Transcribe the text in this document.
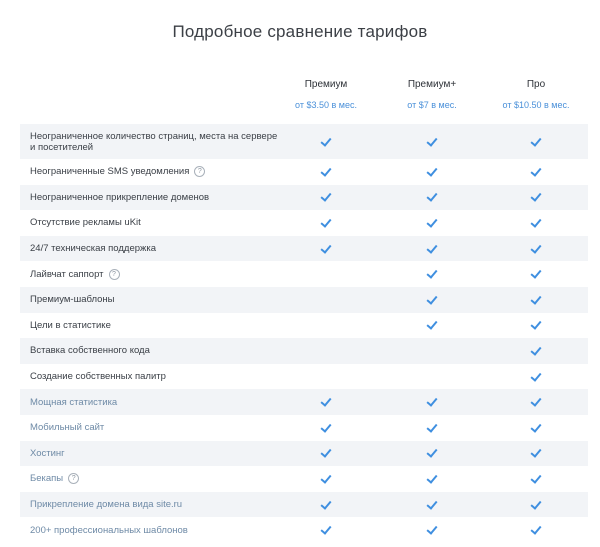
Подробное сравнение тарифов
Премиум
от $3.50 в мес.
Премиум+
от $7 в мес.
Про
от $10.50 в мес.
Неограниченное количество страниц, места на сервере и посетителей
Неограниченные SMS уведомления ?
Неограниченное прикрепление доменов
Отсутствие рекламы uKit
24/7 техническая поддержка
Лайвчат саппорт ?
Премиум-шаблоны
Цели в статистике
Вставка собственного кода
Создание собственных палитр
Мощная статистика
Мобильный сайт
Хостинг
Бекапы ?
Прикрепление домена вида site.ru
200+ профессиональных шаблонов
